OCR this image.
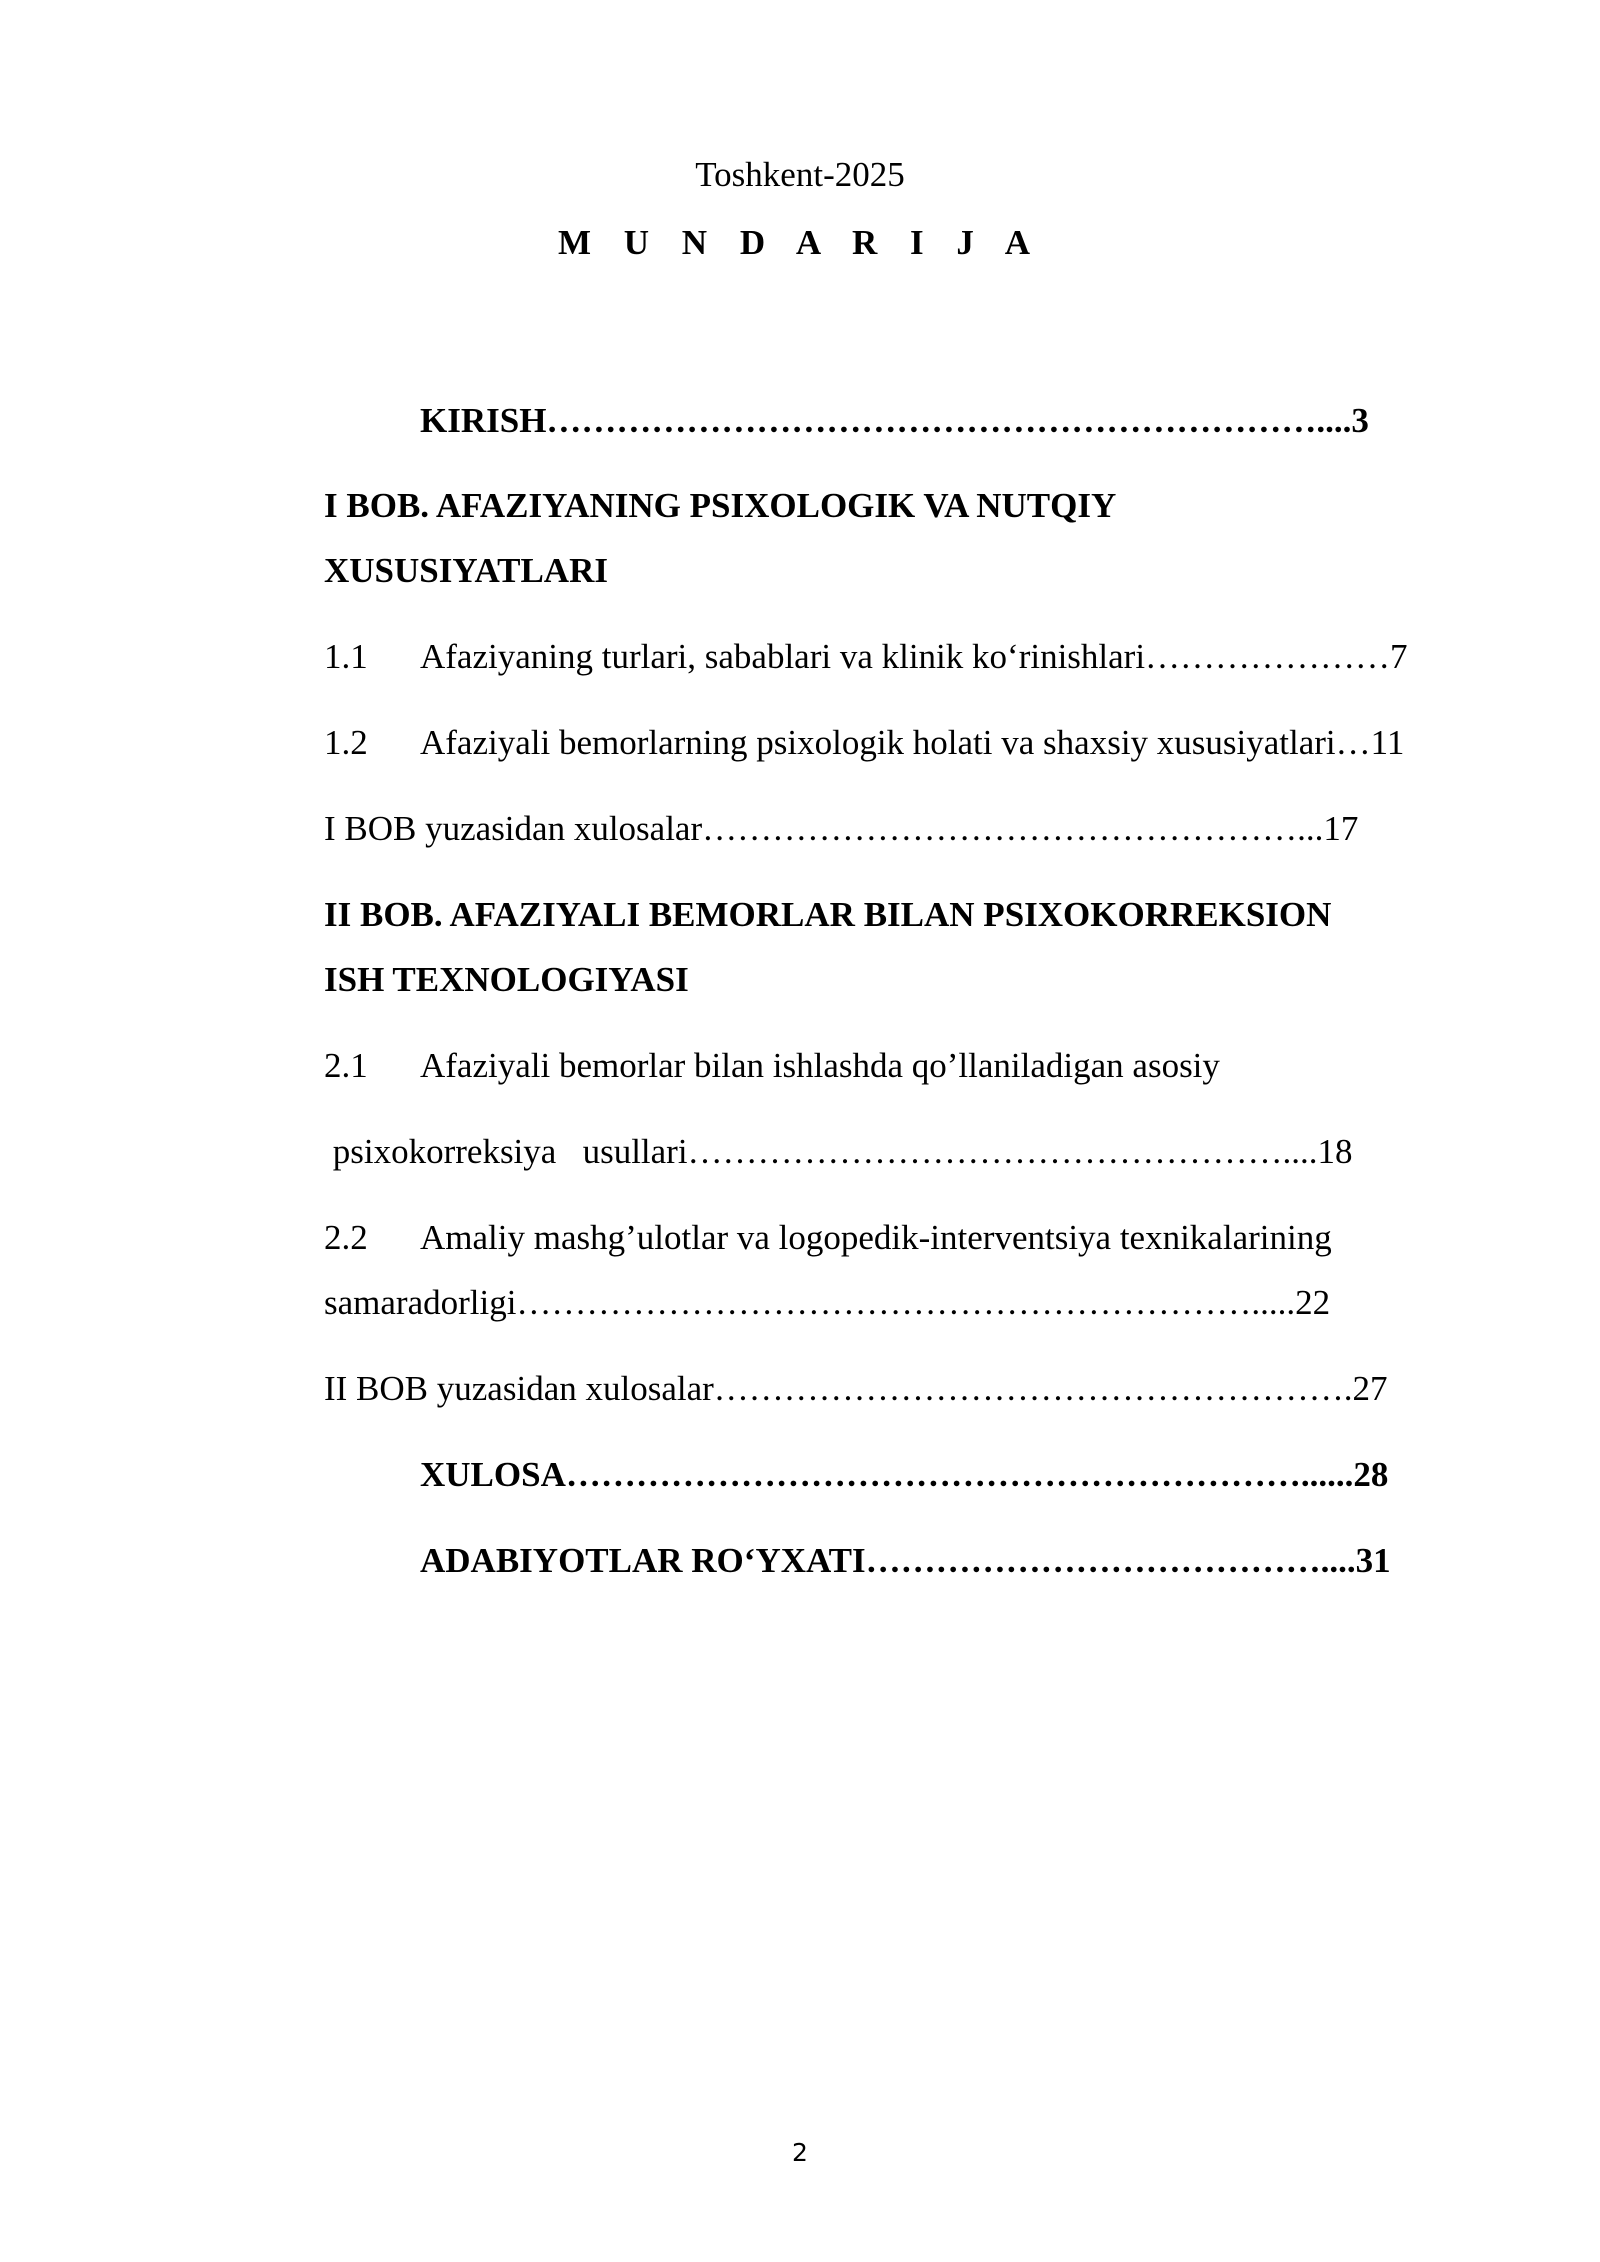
Toshkent-2025
M U N D A R I J A
KIRISH…………………………………………………………....3
I BOB. AFAZIYANING PSIXOLOGIK VA NUTQIY
XUSUSIYATLARI
1.1 Afaziyaning turlari, sabablari va klinik ko‘rinishlari…………………7
1.2 Afaziyali bemorlarning psixologik holati va shaxsiy xususiyatlari…11
I BOB yuzasidan xulosalar……………………………………………...17
II BOB. AFAZIYALI BEMORLAR BILAN PSIXOKORREKSION
ISH TEXNOLOGIYASI
2.1 Afaziyali bemorlar bilan ishlashda qo’llaniladigan asosiy
psixokorreksiya   usullari……………………………………………....18
2.2 Amaliy mashg’ulotlar va logopedik-interventsiya texnikalarining
samaradorligi……………………………………………………….....22
II BOB yuzasidan xulosalar……………………………………………….27
XULOSA………………………………………………………......28
ADABIYOTLAR RO‘YXATI…………………………………....31
2
